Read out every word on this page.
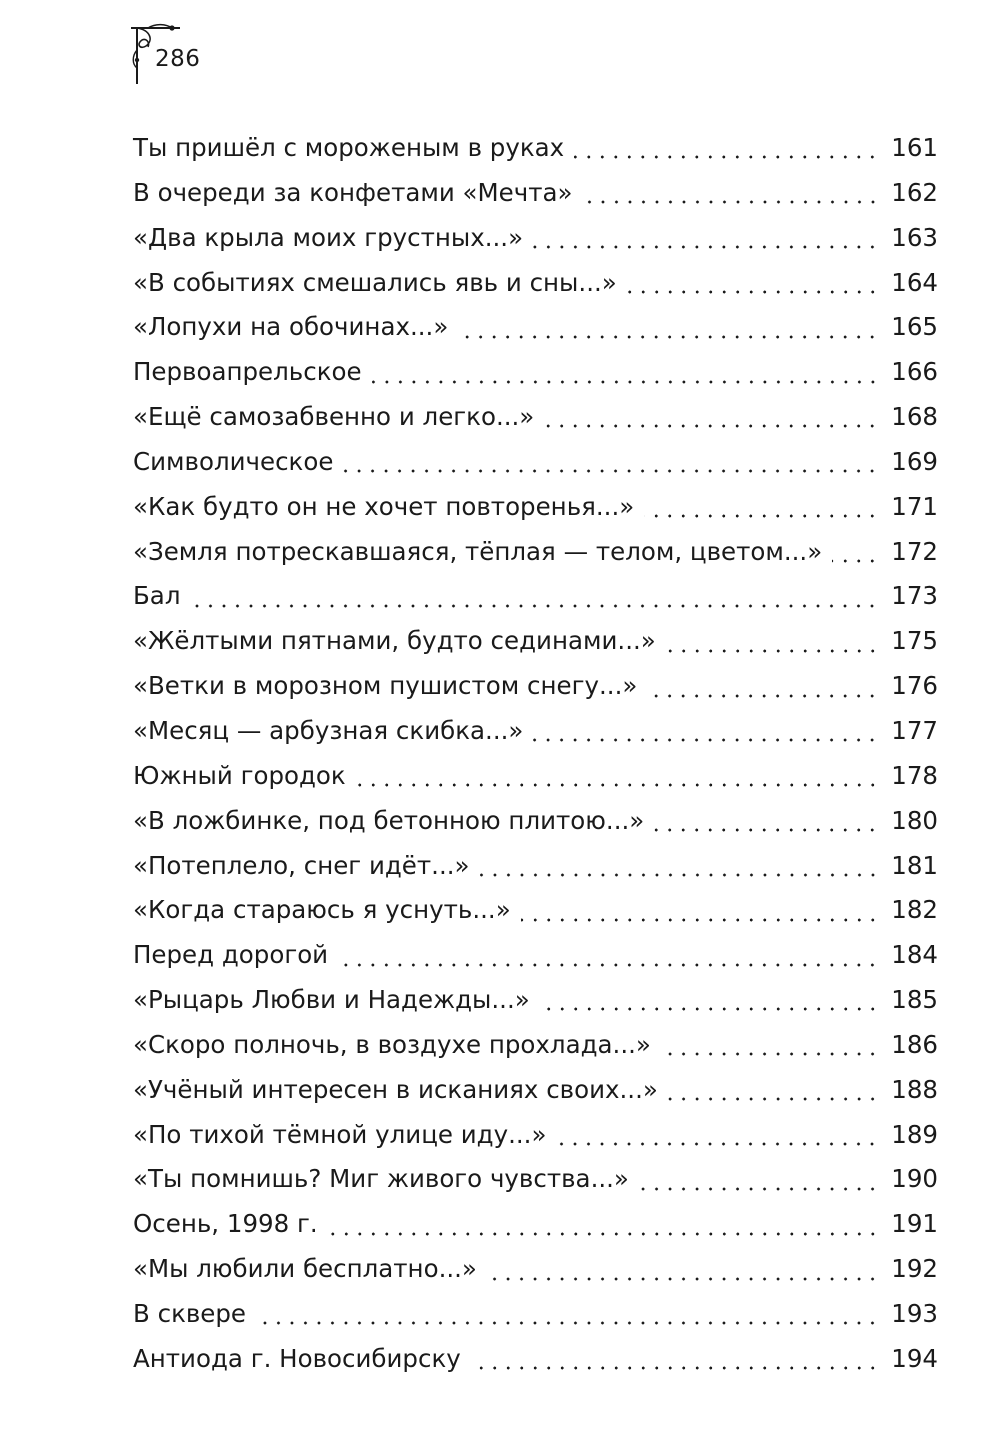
286
Ты пришёл с мороженым в руках	161
В очереди за конфетами «Мечта»	162
«Два крыла моих грустных...»	163
«В событиях смешались явь и сны...»	164
«Лопухи на обочинах...»	165
Первоапрельское	166
«Ещё самозабвенно и легко...»	168
Символическое	169
«Как будто он не хочет повторенья...»	171
«Земля потрескавшаяся, тёплая — телом, цветом...»	172
Бал	173
«Жёлтыми пятнами, будто сединами...»	175
«Ветки в морозном пушистом снегу...»	176
«Месяц — арбузная скибка...»	177
Южный городок	178
«В ложбинке, под бетонною плитою...»	180
«Потеплело, снег идёт...»	181
«Когда стараюсь я уснуть...»	182
Перед дорогой	184
«Рыцарь Любви и Надежды...»	185
«Скоро полночь, в воздухе прохлада...»	186
«Учёный интересен в исканиях своих...»	188
«По тихой тёмной улице иду...»	189
«Ты помнишь? Миг живого чувства...»	190
Осень, 1998 г.	191
«Мы любили бесплатно...»	192
В сквере	193
Антиода г. Новосибирску	194
